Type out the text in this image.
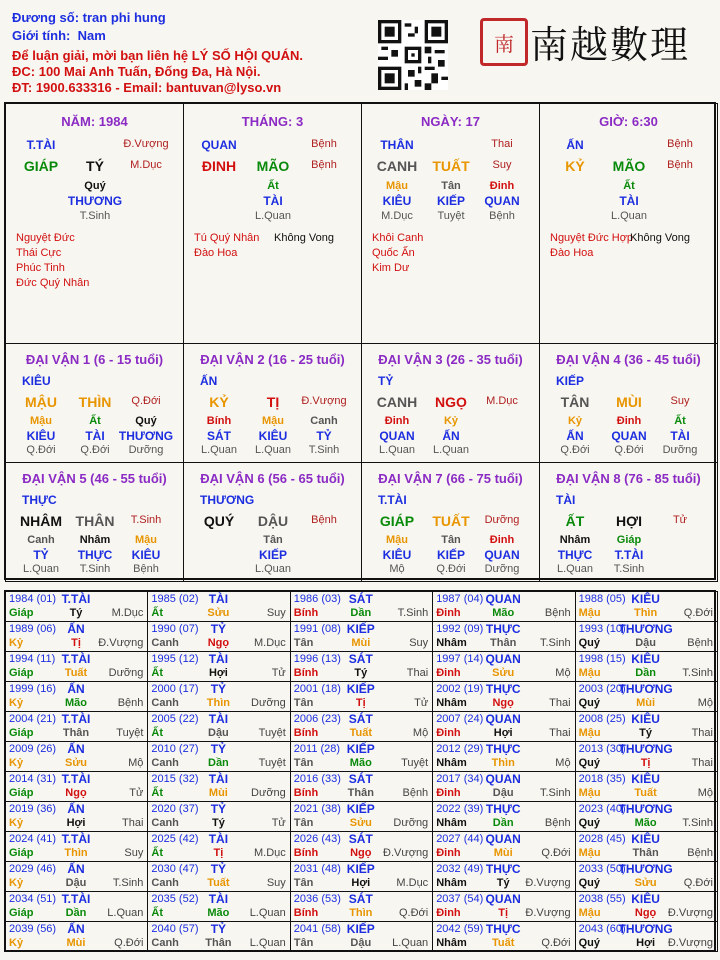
Đương số: tran phi hung
Giới tính: Nam
Để luận giải, mời bạn liên hệ LÝ SỐ HỘI QUÁN.
ĐC: 100 Mai Anh Tuấn, Đống Đa, Hà Nội.
ĐT: 1900.633316 - Email: bantuvan@lyso.vn
南 南越數理
NĂM: 1984
T.TÀI	Đ.Vượng
GIÁP TÝ M.Dục
Quý
THƯƠNG
T.Sinh
Nguyệt Đức
Thái Cực
Phúc Tinh
Đức Quý Nhân
THÁNG: 3
QUAN	Bệnh
ĐINH MÃO Bệnh
Ất
TÀI
L.Quan
Tú Quý Nhân Không Vong
Đào Hoa
NGÀY: 17
THÂN	Thai
CANH TUẤT Suy
Mậu
KIÊU
M.Dục
Tân
KIẾP
Tuyệt
Đinh
QUAN
Bệnh
Khôi Canh
Quốc Ấn
Kim Dư
GIỜ: 6:30
ẤN	Bệnh
KỶ MÃO Bệnh
Ất
TÀI
L.Quan
Nguyệt Đức Hợp
Không Vong
Đào Hoa
ĐẠI VẬN 1 (6 - 15 tuổi)
KIÊU
MẬU THÌN Q.Đới
Mậu
KIÊU
Q.Đới
Ất
TÀI
Q.Đới
Quý
THƯƠNG
Dưỡng
ĐẠI VẬN 2 (16 - 25 tuổi)
ẤN
KỶ	TỊ Đ.Vượng
Bính
SÁT
L.Quan
Mậu
KIÊU
L.Quan
Canh
TỶ
T.Sinh
ĐẠI VẬN 3 (26 - 35 tuổi)
TỶ
CANH NGỌ M.Dục
Đinh
QUAN
L.Quan
Kỷ
ẤN
L.Quan
ĐẠI VẬN 4 (36 - 45 tuổi)
KIẾP
TÂN MÙI	Suy
Kỷ
ẤN
Q.Đới
Đinh
QUAN
Q.Đới
Ất
TÀI
Dưỡng
ĐẠI VẬN 5 (46 - 55 tuổi)
THỰC
NHÂM THÂN T.Sinh
Canh
TỶ
L.Quan
Nhâm
THỰC
T.Sinh
Mậu
KIÊU
Bệnh
ĐẠI VẬN 6 (56 - 65 tuổi)
THƯƠNG
QUÝ DẬU Bệnh
Tân
KIẾP
L.Quan
ĐẠI VẬN 7 (66 - 75 tuổi)
T.TÀI
GIÁP TUẤT Dưỡng
Mậu
KIÊU
Mộ
Tân
KIẾP
Q.Đới
Đinh
QUAN
Dưỡng
ĐẠI VẬN 8 (76 - 85 tuổi)
TÀI
ẤT HỢI	Tử
Nhâm
THỰC
L.Quan
Giáp
T.TÀI
T.Sinh
1984 (01) T.TÀI
Giáp	Tý	M.Dục
1985 (02) TÀI
Ất	Sửu	Suy
1986 (03) SÁT
Bính	Dần T.Sinh
1987 (04) QUAN
Đinh	Mão	Bệnh
1988 (05) KIÊU
Mậu	Thìn Q.Đới
1989 (06) ẤN
Kỷ	Tị Đ.Vượng
1990 (07) TỶ
Canh	Ngọ M.Dục
1991 (08) KIẾP
Tân	Mùi	Suy
1992 (09) THỰC
Nhâm Thân T.Sinh
1993 (10)
THƯƠNG
Quý	Dậu	Bệnh
1994 (11) T.TÀI
Giáp	Tuất Dưỡng
1995 (12) TÀI
Ất	Hợi	Tử
1996 (13) SÁT
Bính	Tý	Thai
1997 (14) QUAN
Đinh	Sửu	Mộ
1998 (15) KIÊU
Mậu	Dần T.Sinh
1999 (16) ẤN
Kỷ	Mão	Bệnh
2000 (17) TỶ
Canh	Thìn Dưỡng
2001 (18) KIẾP
Tân	Tị	Tử
2002 (19) THỰC
Nhâm Ngọ	Thai
2003 (20)
THƯƠNG
Quý	Mùi	Mộ
2004 (21) T.TÀI
Giáp	Thân Tuyệt
2005 (22) TÀI
Ất	Dậu	Tuyệt
2006 (23) SÁT
Bính	Tuất	Mộ
2007 (24) QUAN
Đinh	Hợi	Thai
2008 (25) KIÊU
Mậu	Tý	Thai
2009 (26) ẤN
Kỷ	Sửu	Mộ
2010 (27) TỶ
Canh	Dần	Tuyệt
2011 (28) KIẾP
Tân	Mão	Tuyệt
2012 (29) THỰC
Nhâm Thìn	Mộ
2013 (30)
THƯƠNG
Quý	Tị	Thai
2014 (31) T.TÀI
Giáp	Ngọ	Tử
2015 (32) TÀI
Ất	Mùi Dưỡng
2016 (33) SÁT
Bính	Thân	Bệnh
2017 (34) QUAN
Đinh	Dậu T.Sinh
2018 (35) KIÊU
Mậu	Tuất	Mộ
2019 (36) ẤN
Kỷ	Hợi	Thai
2020 (37) TỶ
Canh	Tý	Tử
2021 (38) KIẾP
Tân	Sửu Dưỡng
2022 (39) THỰC
Nhâm Dần	Bệnh
2023 (40)
THƯƠNG
Quý	Mão T.Sinh
2024 (41) T.TÀI
Giáp	Thìn	Suy
2025 (42) TÀI
Ất	Tị	M.Dục
2026 (43) SÁT
Bính	Ngọ Đ.Vượng
2027 (44) QUAN
Đinh	Mùi	Q.Đới
2028 (45) KIÊU
Mậu	Thân	Bệnh
2029 (46) ẤN
Kỷ	Dậu T.Sinh
2030 (47) TỶ
Canh	Tuất	Suy
2031 (48) KIẾP
Tân	Hợi M.Dục
2032 (49) THỰC
Nhâm	Tý Đ.Vượng
2033 (50)
THƯƠNG
Quý	Sửu Q.Đới
2034 (51) T.TÀI
Giáp	Dần L.Quan
2035 (52) TÀI
Ất	Mão L.Quan
2036 (53) SÁT
Bính	Thìn Q.Đới
2037 (54) QUAN
Đinh	Tị Đ.Vượng
2038 (55) KIÊU
Mậu	Ngọ Đ.Vượng
2039 (56) ẤN
Kỷ	Mùi	Q.Đới
2040 (57) TỶ
Canh Thân L.Quan
2041 (58) KIẾP
Tân	Dậu L.Quan
2042 (59) THỰC
Nhâm Tuất Q.Đới
2043 (60)
THƯƠNG
Quý	Hợi Đ.Vượng
